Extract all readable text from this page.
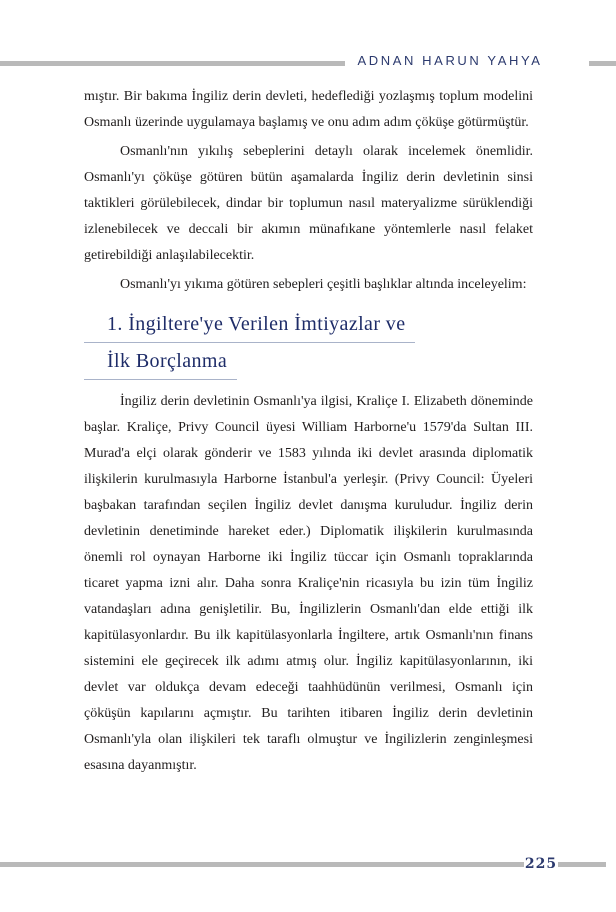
ADNAN HARUN YAHYA

mıştır. Bir bakıma İngiliz derin devleti, hedeflediği yozlaşmış toplum modelini Osmanlı üzerinde uygulamaya başlamış ve onu adım adım çöküşe götürmüştür.

Osmanlı'nın yıkılış sebeplerini detaylı olarak incelemek önemlidir. Osmanlı'yı çöküşe götüren bütün aşamalarda İngiliz derin devletinin sinsi taktikleri görülebilecek, dindar bir toplumun nasıl materyalizme sürüklendiği izlenebilecek ve deccali bir akımın münafıkane yöntemlerle nasıl felaket getirebildiği anlaşılabilecektir.

Osmanlı'yı yıkıma götüren sebepleri çeşitli başlıklar altında inceleyelim:

1. İngiltere'ye Verilen İmtiyazlar ve
İlk Borçlanma

İngiliz derin devletinin Osmanlı'ya ilgisi, Kraliçe I. Elizabeth döneminde başlar. Kraliçe, Privy Council üyesi William Harborne'u 1579'da Sultan III. Murad'a elçi olarak gönderir ve 1583 yılında iki devlet arasında diplomatik ilişkilerin kurulmasıyla Harborne İstanbul'a yerleşir. (Privy Council: Üyeleri başbakan tarafından seçilen İngiliz devlet danışma kuruludur. İngiliz derin devletinin denetiminde hareket eder.) Diplomatik ilişkilerin kurulmasında önemli rol oynayan Harborne iki İngiliz tüccar için Osmanlı topraklarında ticaret yapma izni alır. Daha sonra Kraliçe'nin ricasıyla bu izin tüm İngiliz vatandaşları adına genişletilir. Bu, İngilizlerin Osmanlı'dan elde ettiği ilk kapitülasyonlardır. Bu ilk kapitülasyonlarla İngiltere, artık Osmanlı'nın finans sistemini ele geçirecek ilk adımı atmış olur. İngiliz kapitülasyonlarının, iki devlet var oldukça devam edeceği taahhüdünün verilmesi, Osmanlı için çöküşün kapılarını açmıştır. Bu tarihten itibaren İngiliz derin devletinin Osmanlı'yla olan ilişkileri tek taraflı olmuştur ve İngilizlerin zenginleşmesi esasına dayanmıştır.

225
